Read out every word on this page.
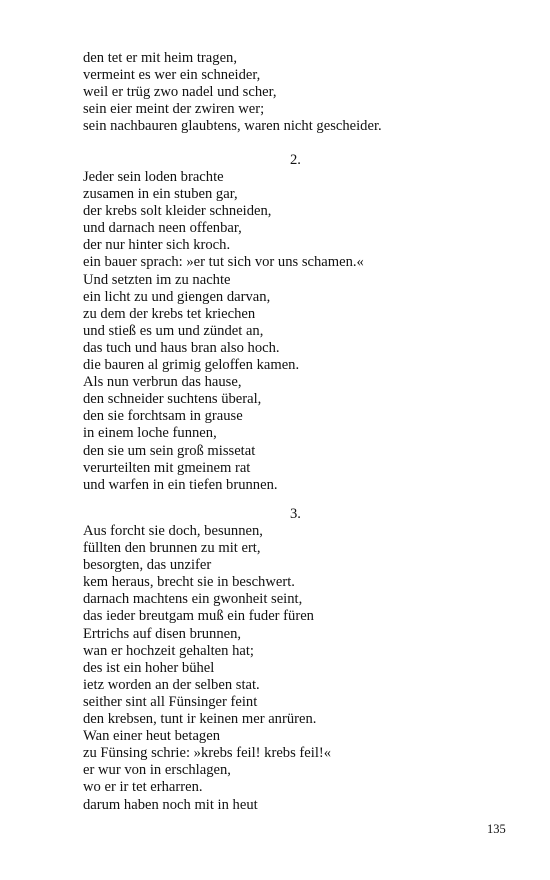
den tet er mit heim tragen,
vermeint es wer ein schneider,
weil er trüg zwo nadel und scher,
sein eier meint der zwiren wer;
sein nachbauren glaubtens, waren nicht gescheider.
2.
Jeder sein loden brachte
zusamen in ein stuben gar,
der krebs solt kleider schneiden,
und darnach neen offenbar,
der nur hinter sich kroch.
ein bauer sprach: »er tut sich vor uns schamen.«
Und setzten im zu nachte
ein licht zu und giengen darvan,
zu dem der krebs tet kriechen
und stieß es um und zündet an,
das tuch und haus bran also hoch.
die bauren al grimig geloffen kamen.
Als nun verbrun das hause,
den schneider suchtens überal,
den sie forchtsam in grause
in einem loche funnen,
den sie um sein groß missetat
verurteilten mit gmeinem rat
und warfen in ein tiefen brunnen.
3.
Aus forcht sie doch, besunnen,
füllten den brunnen zu mit ert,
besorgten, das unzifer
kem heraus, brecht sie in beschwert.
darnach machtens ein gwonheit seint,
das ieder breutgam muß ein fuder füren
Ertrichs auf disen brunnen,
wan er hochzeit gehalten hat;
des ist ein hoher bühel
ietz worden an der selben stat.
seither sint all Fünsinger feint
den krebsen, tunt ir keinen mer anrüren.
Wan einer heut betagen
zu Fünsing schrie: »krebs feil! krebs feil!«
er wur von in erschlagen,
wo er ir tet erharren.
darum haben noch mit in heut
135
